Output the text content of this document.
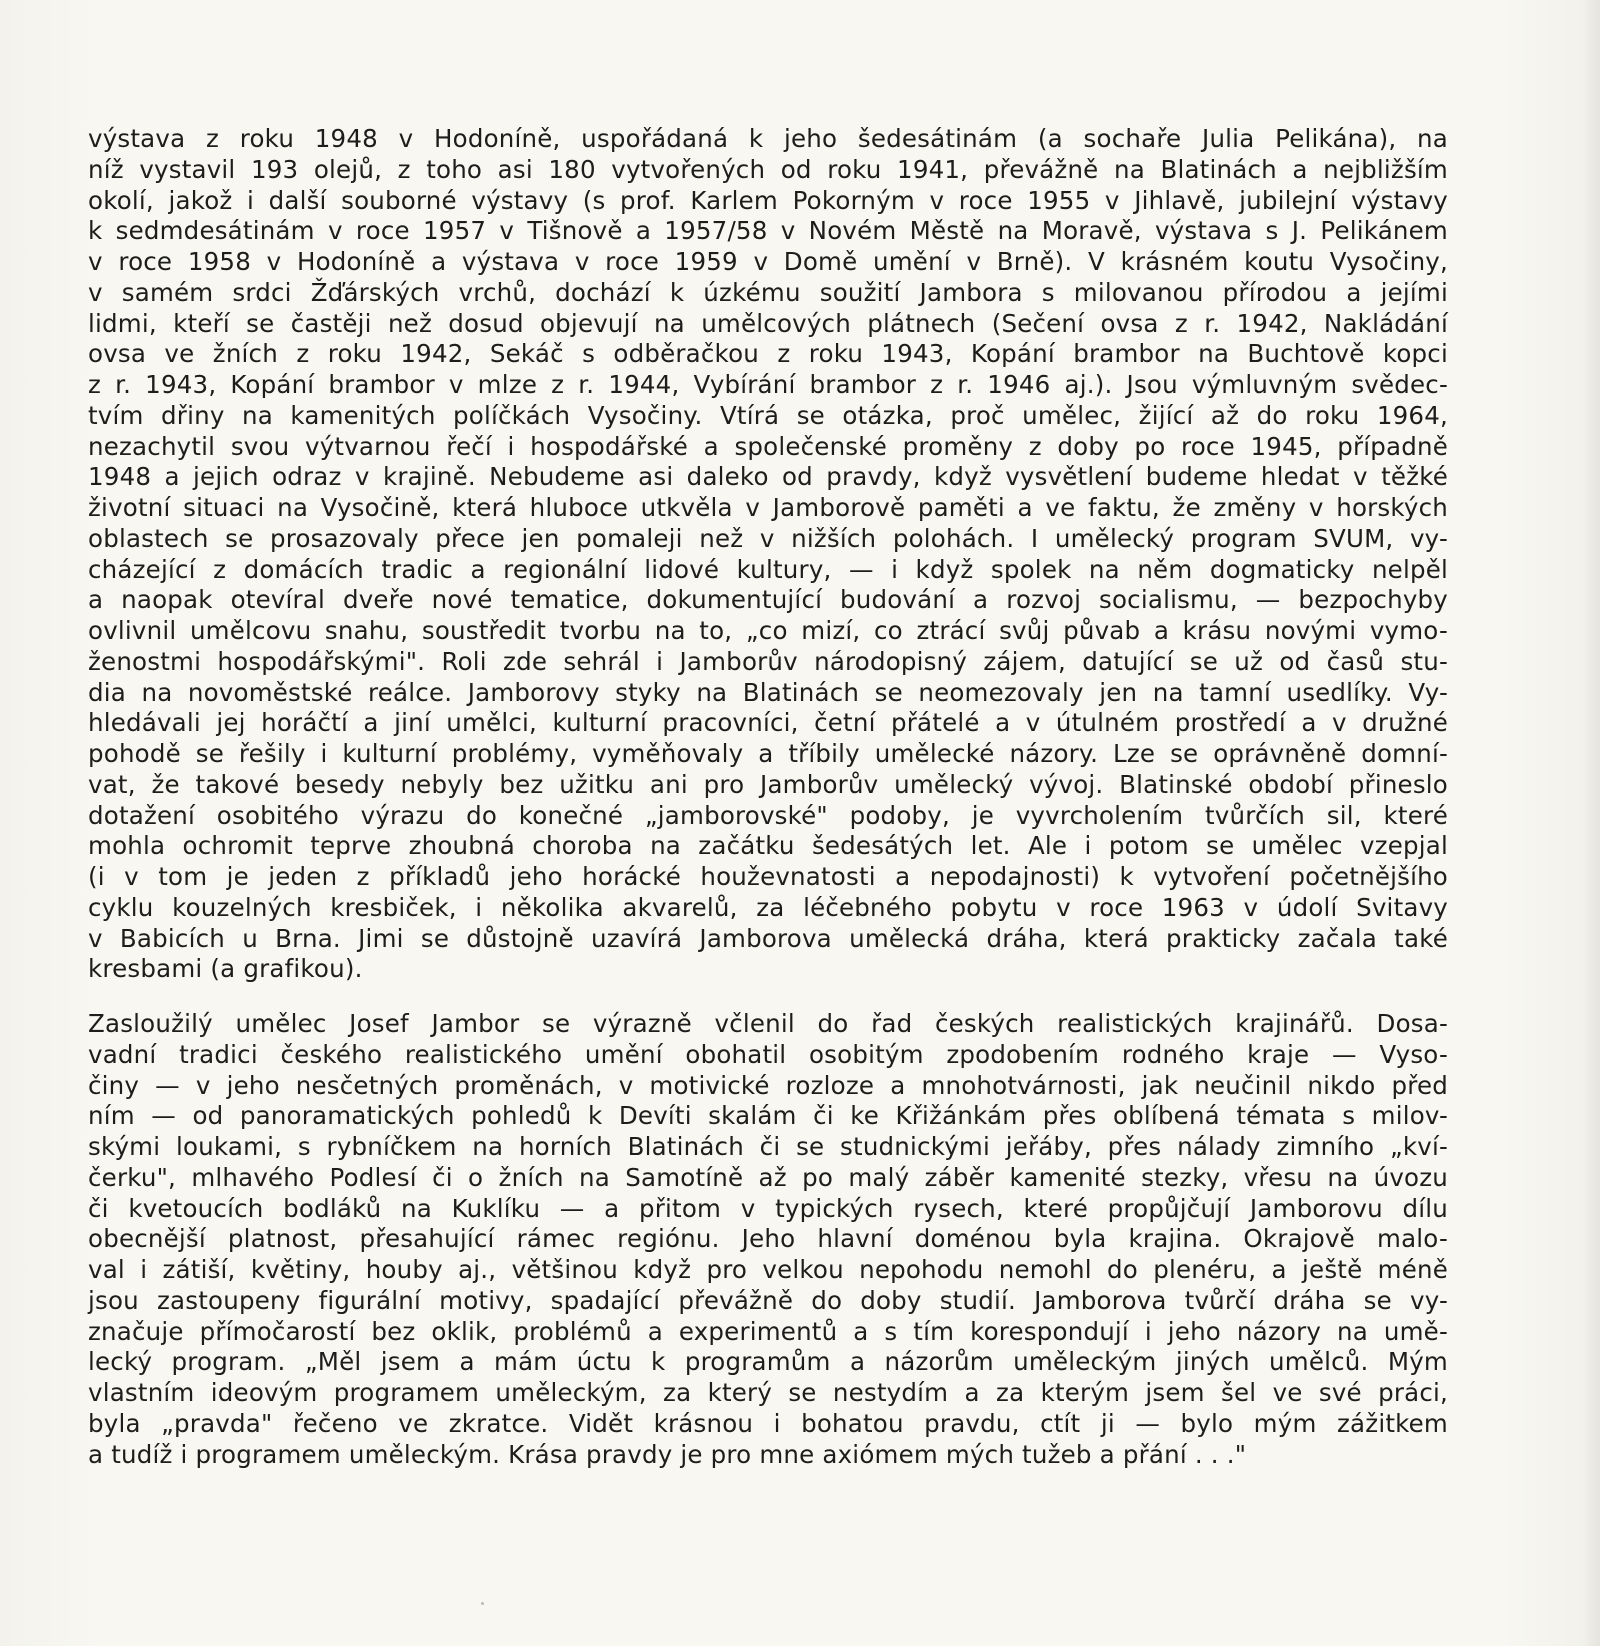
výstava z roku 1948 v Hodoníně, uspořádaná k jeho šedesátinám (a sochaře Julia Pelikána), na
níž vystavil 193 olejů, z toho asi 180 vytvořených od roku 1941, převážně na Blatinách a nejbližším
okolí, jakož i další souborné výstavy (s prof. Karlem Pokorným v roce 1955 v Jihlavě, jubilejní výstavy
k sedmdesátinám v roce 1957 v Tišnově a 1957/58 v Novém Městě na Moravě, výstava s J. Pelikánem
v roce 1958 v Hodoníně a výstava v roce 1959 v Domě umění v Brně). V krásném koutu Vysočiny,
v samém srdci Žďárských vrchů, dochází k úzkému soužití Jambora s milovanou přírodou a jejími
lidmi, kteří se častěji než dosud objevují na umělcových plátnech (Sečení ovsa z r. 1942, Nakládání
ovsa ve žních z roku 1942, Sekáč s odběračkou z roku 1943, Kopání brambor na Buchtově kopci
z r. 1943, Kopání brambor v mlze z r. 1944, Vybírání brambor z r. 1946 aj.). Jsou výmluvným svědec-
tvím dřiny na kamenitých políčkách Vysočiny. Vtírá se otázka, proč umělec, žijící až do roku 1964,
nezachytil svou výtvarnou řečí i hospodářské a společenské proměny z doby po roce 1945, případně
1948 a jejich odraz v krajině. Nebudeme asi daleko od pravdy, když vysvětlení budeme hledat v těžké
životní situaci na Vysočině, která hluboce utkvěla v Jamborově paměti a ve faktu, že změny v horských
oblastech se prosazovaly přece jen pomaleji než v nižších polohách. I umělecký program SVUM, vy-
cházející z domácích tradic a regionální lidové kultury, — i když spolek na něm dogmaticky nelpěl
a naopak otevíral dveře nové tematice, dokumentující budování a rozvoj socialismu, — bezpochyby
ovlivnil umělcovu snahu, soustředit tvorbu na to, „co mizí, co ztrácí svůj půvab a krásu novými vymo-
ženostmi hospodářskými". Roli zde sehrál i Jamborův národopisný zájem, datující se už od časů stu-
dia na novoměstské reálce. Jamborovy styky na Blatinách se neomezovaly jen na tamní usedlíky. Vy-
hledávali jej horáčtí a jiní umělci, kulturní pracovníci, četní přátelé a v útulném prostředí a v družné
pohodě se řešily i kulturní problémy, vyměňovaly a tříbily umělecké názory. Lze se oprávněně domní-
vat, že takové besedy nebyly bez užitku ani pro Jamborův umělecký vývoj. Blatinské období přineslo
dotažení osobitého výrazu do konečné „jamborovské" podoby, je vyvrcholením tvůrčích sil, které
mohla ochromit teprve zhoubná choroba na začátku šedesátých let. Ale i potom se umělec vzepjal
(i v tom je jeden z příkladů jeho horácké houževnatosti a nepodajnosti) k vytvoření početnějšího
cyklu kouzelných kresbiček, i několika akvarelů, za léčebného pobytu v roce 1963 v údolí Svitavy
v Babicích u Brna. Jimi se důstojně uzavírá Jamborova umělecká dráha, která prakticky začala také
kresbami (a grafikou).
Zasloužilý umělec Josef Jambor se výrazně včlenil do řad českých realistických krajinářů. Dosa-
vadní tradici českého realistického umění obohatil osobitým zpodobením rodného kraje — Vyso-
činy — v jeho nesčetných proměnách, v motivické rozloze a mnohotvárnosti, jak neučinil nikdo před
ním — od panoramatických pohledů k Devíti skalám či ke Křižánkám přes oblíbená témata s milov-
skými loukami, s rybníčkem na horních Blatinách či se studnickými jeřáby, přes nálady zimního „kví-
čerku", mlhavého Podlesí či o žních na Samotíně až po malý záběr kamenité stezky, vřesu na úvozu
či kvetoucích bodláků na Kuklíku — a přitom v typických rysech, které propůjčují Jamborovu dílu
obecnější platnost, přesahující rámec regiónu. Jeho hlavní doménou byla krajina. Okrajově malo-
val i zátiší, květiny, houby aj., většinou když pro velkou nepohodu nemohl do plenéru, a ještě méně
jsou zastoupeny figurální motivy, spadající převážně do doby studií. Jamborova tvůrčí dráha se vy-
značuje přímočarostí bez oklik, problémů a experimentů a s tím korespondují i jeho názory na umě-
lecký program. „Měl jsem a mám úctu k programům a názorům uměleckým jiných umělců. Mým
vlastním ideovým programem uměleckým, za který se nestydím a za kterým jsem šel ve své práci,
byla „pravda" řečeno ve zkratce. Vidět krásnou i bohatou pravdu, ctít ji — bylo mým zážitkem
a tudíž i programem uměleckým. Krása pravdy je pro mne axiómem mých tužeb a přání . . ."
